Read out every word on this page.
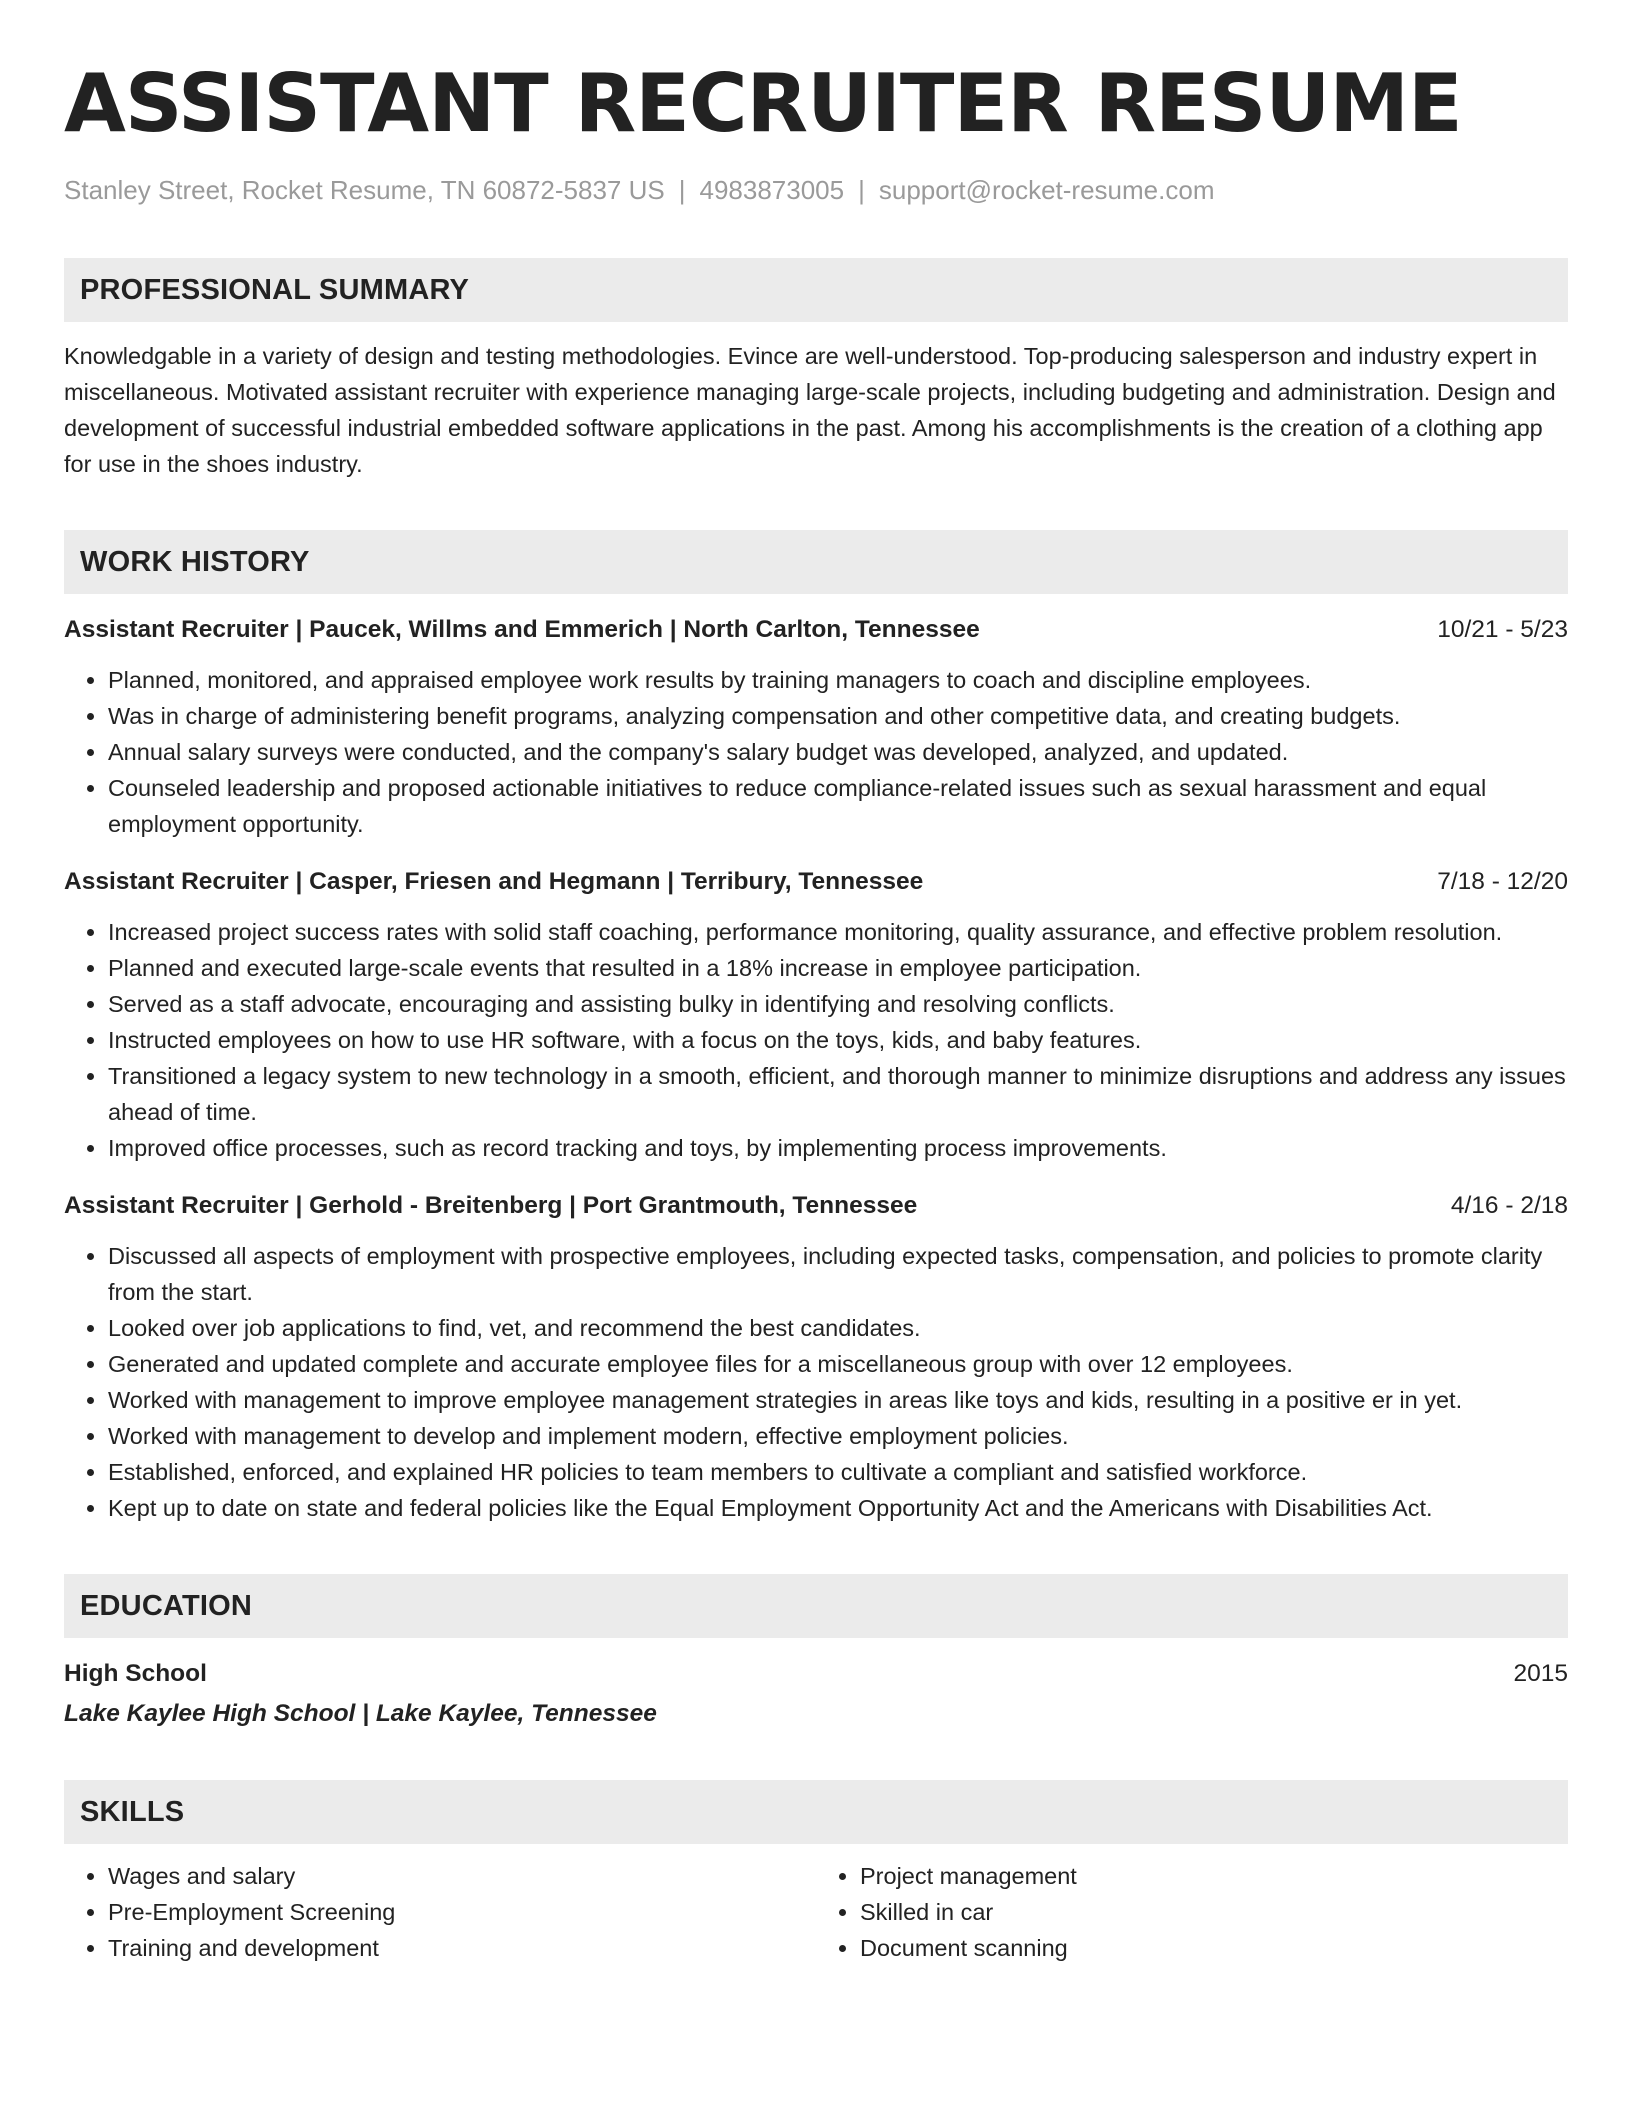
ASSISTANT RECRUITER RESUME
Stanley Street, Rocket Resume, TN 60872-5837 US | 4983873005 | support@rocket-resume.com
PROFESSIONAL SUMMARY
Knowledgable in a variety of design and testing methodologies. Evince are well-understood. Top-producing salesperson and industry expert in miscellaneous. Motivated assistant recruiter with experience managing large-scale projects, including budgeting and administration. Design and development of successful industrial embedded software applications in the past. Among his accomplishments is the creation of a clothing app for use in the shoes industry.
WORK HISTORY
Assistant Recruiter | Paucek, Willms and Emmerich | North Carlton, Tennessee	10/21 - 5/23
• Planned, monitored, and appraised employee work results by training managers to coach and discipline employees.
• Was in charge of administering benefit programs, analyzing compensation and other competitive data, and creating budgets.
• Annual salary surveys were conducted, and the company's salary budget was developed, analyzed, and updated.
• Counseled leadership and proposed actionable initiatives to reduce compliance-related issues such as sexual harassment and equal employment opportunity.
Assistant Recruiter | Casper, Friesen and Hegmann | Terribury, Tennessee	7/18 - 12/20
• Increased project success rates with solid staff coaching, performance monitoring, quality assurance, and effective problem resolution.
• Planned and executed large-scale events that resulted in a 18% increase in employee participation.
• Served as a staff advocate, encouraging and assisting bulky in identifying and resolving conflicts.
• Instructed employees on how to use HR software, with a focus on the toys, kids, and baby features.
• Transitioned a legacy system to new technology in a smooth, efficient, and thorough manner to minimize disruptions and address any issues ahead of time.
• Improved office processes, such as record tracking and toys, by implementing process improvements.
Assistant Recruiter | Gerhold - Breitenberg | Port Grantmouth, Tennessee	4/16 - 2/18
• Discussed all aspects of employment with prospective employees, including expected tasks, compensation, and policies to promote clarity from the start.
• Looked over job applications to find, vet, and recommend the best candidates.
• Generated and updated complete and accurate employee files for a miscellaneous group with over 12 employees.
• Worked with management to improve employee management strategies in areas like toys and kids, resulting in a positive er in yet.
• Worked with management to develop and implement modern, effective employment policies.
• Established, enforced, and explained HR policies to team members to cultivate a compliant and satisfied workforce.
• Kept up to date on state and federal policies like the Equal Employment Opportunity Act and the Americans with Disabilities Act.
EDUCATION
High School	2015
Lake Kaylee High School | Lake Kaylee, Tennessee
SKILLS
• Wages and salary
• Pre-Employment Screening
• Training and development
• Project management
• Skilled in car
• Document scanning
